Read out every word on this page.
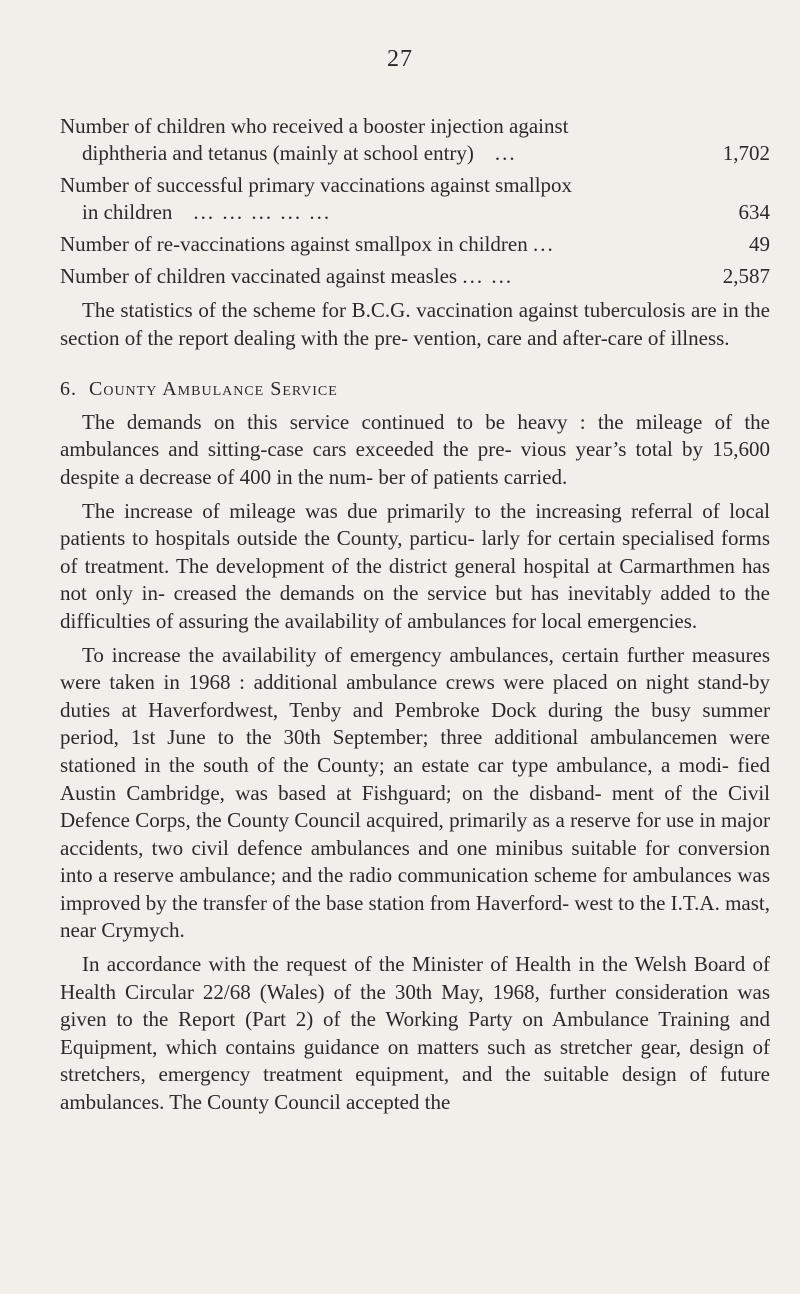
27
Number of children who received a booster injection against
diphtheria and tetanus (mainly at school entry) ...	1,702
Number of successful primary vaccinations against smallpox
in children ... ... ... ... ...	634
Number of re-vaccinations against smallpox in children ...	49
Number of children vaccinated against measles ... ...	2,587

The statistics of the scheme for B.C.G. vaccination against tuberculosis are in the section of the report dealing with the pre- vention, care and after-care of illness.

6. County Ambulance Service

The demands on this service continued to be heavy : the mileage of the ambulances and sitting-case cars exceeded the pre- vious year’s total by 15,600 despite a decrease of 400 in the num- ber of patients carried.

The increase of mileage was due primarily to the increasing referral of local patients to hospitals outside the County, particu- larly for certain specialised forms of treatment. The development of the district general hospital at Carmarthmen has not only in- creased the demands on the service but has inevitably added to the difficulties of assuring the availability of ambulances for local emergencies.

To increase the availability of emergency ambulances, certain further measures were taken in 1968 : additional ambulance crews were placed on night stand-by duties at Haverfordwest, Tenby and Pembroke Dock during the busy summer period, 1st June to the 30th September; three additional ambulancemen were stationed in the south of the County; an estate car type ambulance, a modi- fied Austin Cambridge, was based at Fishguard; on the disband- ment of the Civil Defence Corps, the County Council acquired, primarily as a reserve for use in major accidents, two civil defence ambulances and one minibus suitable for conversion into a reserve ambulance; and the radio communication scheme for ambulances was improved by the transfer of the base station from Haverford- west to the I.T.A. mast, near Crymych.

In accordance with the request of the Minister of Health in the Welsh Board of Health Circular 22/68 (Wales) of the 30th May, 1968, further consideration was given to the Report (Part 2) of the Working Party on Ambulance Training and Equipment, which contains guidance on matters such as stretcher gear, design of stretchers, emergency treatment equipment, and the suitable design of future ambulances. The County Council accepted the
